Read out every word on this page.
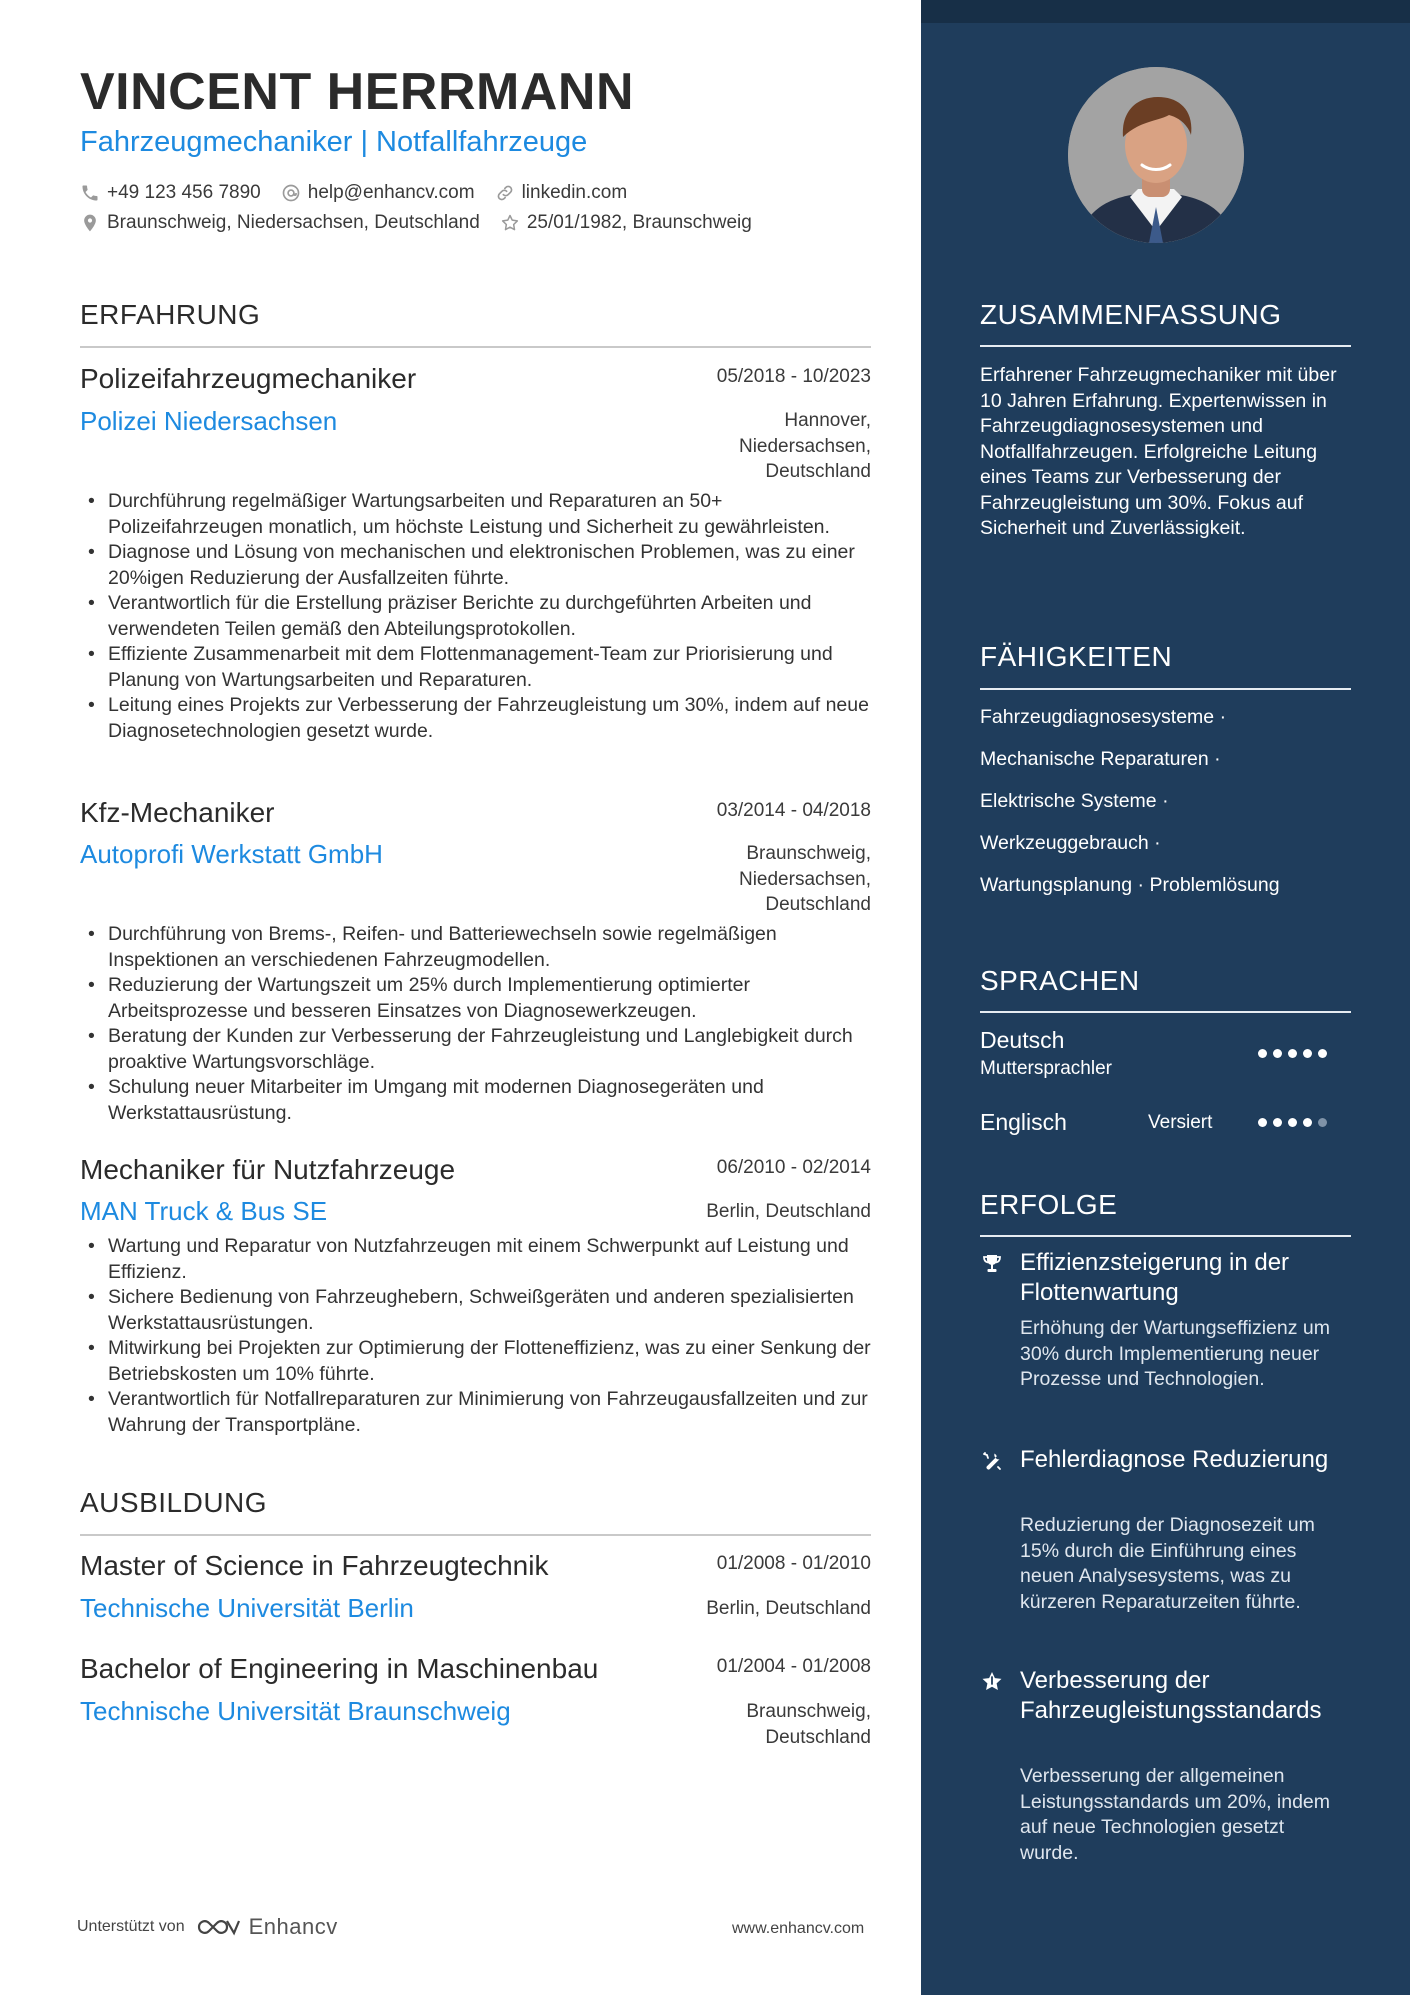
VINCENT HERRMANN
Fahrzeugmechaniker | Notfallfahrzeuge
+49 123 456 7890 help@enhancv.com linkedin.com
Braunschweig, Niedersachsen, Deutschland 25/01/1982, Braunschweig
ERFAHRUNG
Polizeifahrzeugmechaniker	05/2018 - 10/2023
Polizei Niedersachsen	Hannover, Niedersachsen, Deutschland
• Durchführung regelmäßiger Wartungsarbeiten und Reparaturen an 50+ Polizeifahrzeugen monatlich, um höchste Leistung und Sicherheit zu gewährleisten.
• Diagnose und Lösung von mechanischen und elektronischen Problemen, was zu einer 20%igen Reduzierung der Ausfallzeiten führte.
• Verantwortlich für die Erstellung präziser Berichte zu durchgeführten Arbeiten und verwendeten Teilen gemäß den Abteilungsprotokollen.
• Effiziente Zusammenarbeit mit dem Flottenmanagement-Team zur Priorisierung und Planung von Wartungsarbeiten und Reparaturen.
• Leitung eines Projekts zur Verbesserung der Fahrzeugleistung um 30%, indem auf neue Diagnosetechnologien gesetzt wurde.
Kfz-Mechaniker	03/2014 - 04/2018
Autoprofi Werkstatt GmbH	Braunschweig, Niedersachsen, Deutschland
• Durchführung von Brems-, Reifen- und Batteriewechseln sowie regelmäßigen Inspektionen an verschiedenen Fahrzeugmodellen.
• Reduzierung der Wartungszeit um 25% durch Implementierung optimierter Arbeitsprozesse und besseren Einsatzes von Diagnosewerkzeugen.
• Beratung der Kunden zur Verbesserung der Fahrzeugleistung und Langlebigkeit durch proaktive Wartungsvorschläge.
• Schulung neuer Mitarbeiter im Umgang mit modernen Diagnosegeräten und Werkstattausrüstung.
Mechaniker für Nutzfahrzeuge	06/2010 - 02/2014
MAN Truck & Bus SE	Berlin, Deutschland
• Wartung und Reparatur von Nutzfahrzeugen mit einem Schwerpunkt auf Leistung und Effizienz.
• Sichere Bedienung von Fahrzeughebern, Schweißgeräten und anderen spezialisierten Werkstattausrüstungen.
• Mitwirkung bei Projekten zur Optimierung der Flotteneffizienz, was zu einer Senkung der Betriebskosten um 10% führte.
• Verantwortlich für Notfallreparaturen zur Minimierung von Fahrzeugausfallzeiten und zur Wahrung der Transportpläne.
AUSBILDUNG
Master of Science in Fahrzeugtechnik	01/2008 - 01/2010
Technische Universität Berlin	Berlin, Deutschland
Bachelor of Engineering in Maschinenbau	01/2004 - 01/2008
Technische Universität Braunschweig	Braunschweig, Deutschland
Unterstützt von	Enhancv	www.enhancv.com
ZUSAMMENFASSUNG
Erfahrener Fahrzeugmechaniker mit über 10 Jahren Erfahrung. Expertenwissen in Fahrzeugdiagnosesystemen und Notfallfahrzeugen. Erfolgreiche Leitung eines Teams zur Verbesserung der Fahrzeugleistung um 30%. Fokus auf Sicherheit und Zuverlässigkeit.
FÄHIGKEITEN
Fahrzeugdiagnosesysteme ·
Mechanische Reparaturen ·
Elektrische Systeme ·
Werkzeuggebrauch ·
Wartungsplanung · Problemlösung
SPRACHEN
Deutsch
Muttersprachler
Englisch	Versiert
ERFOLGE
Effizienzsteigerung in der Flottenwartung
Erhöhung der Wartungseffizienz um 30% durch Implementierung neuer Prozesse und Technologien.
Fehlerdiagnose Reduzierung
Reduzierung der Diagnosezeit um 15% durch die Einführung eines neuen Analysesystems, was zu kürzeren Reparaturzeiten führte.
Verbesserung der Fahrzeugleistungsstandards
Verbesserung der allgemeinen Leistungsstandards um 20%, indem auf neue Technologien gesetzt wurde.
